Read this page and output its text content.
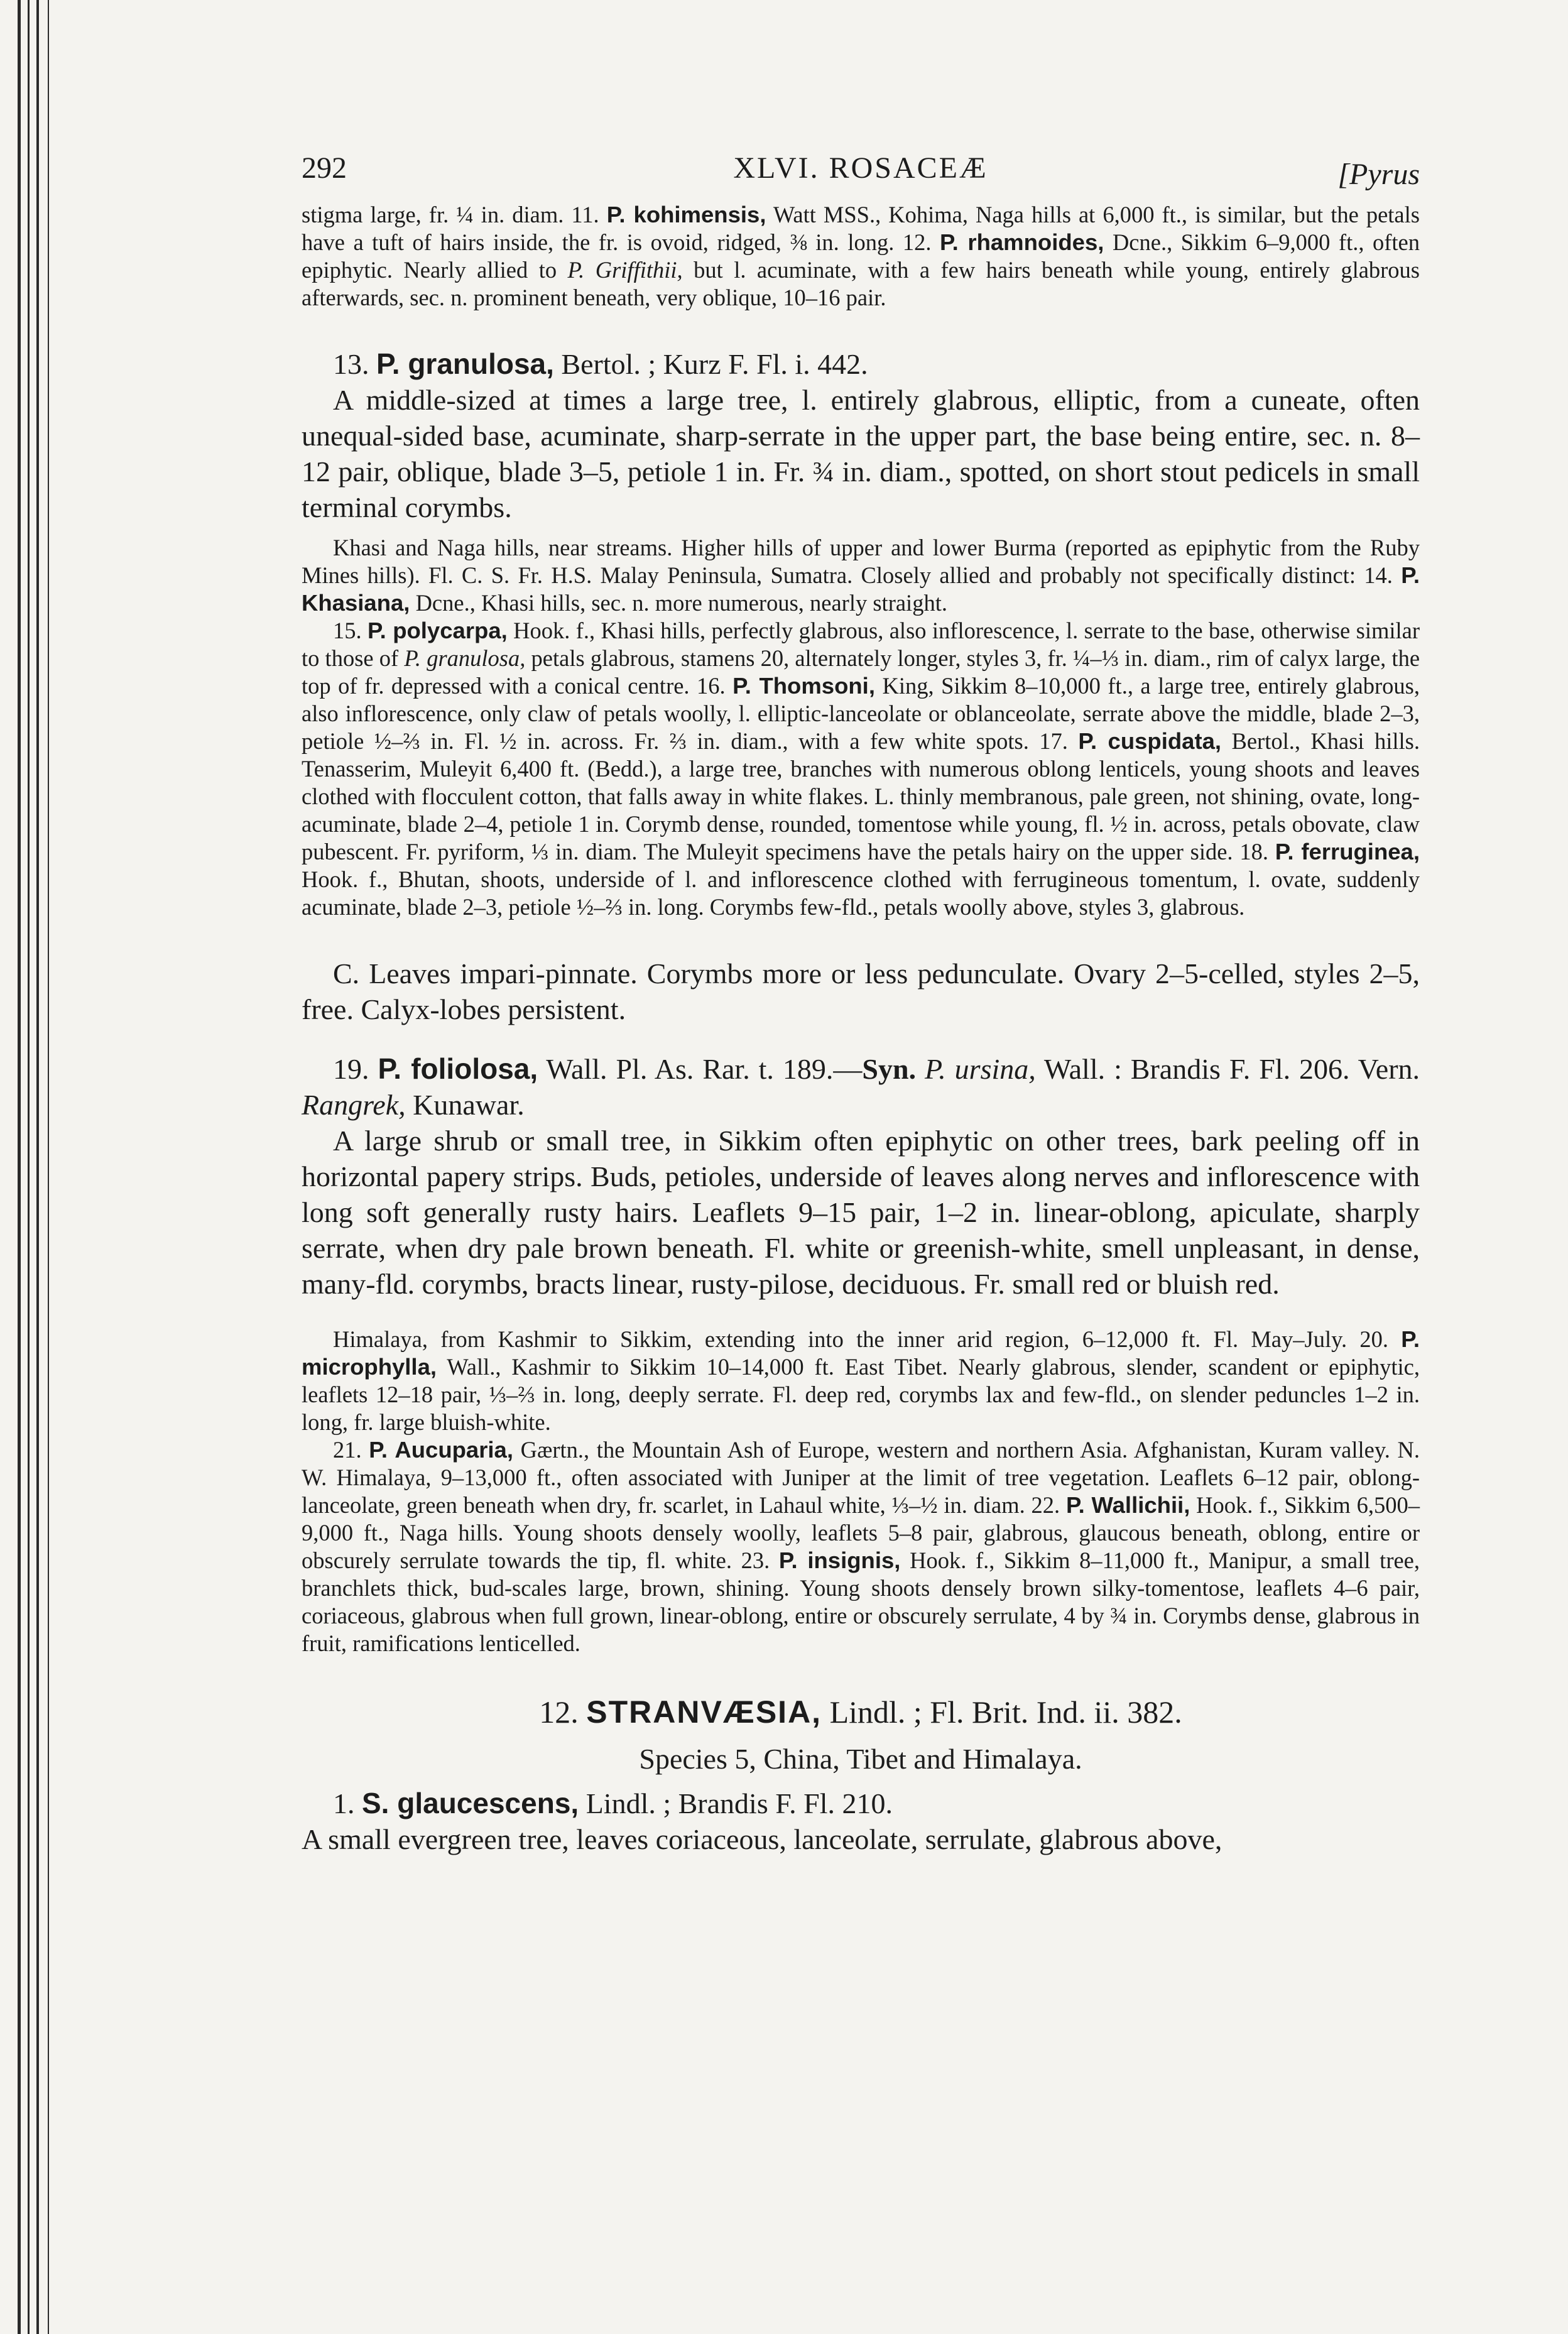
292	XLVI. ROSACEÆ	[Pyrus

stigma large, fr. ¼ in. diam. 11. P. kohimensis, Watt MSS., Kohima, Naga hills at 6,000 ft., is similar, but the petals have a tuft of hairs inside, the fr. is ovoid, ridged, ⅜ in. long. 12. P. rhamnoides, Dcne., Sikkim 6–9,000 ft., often epiphytic. Nearly allied to P. Griffithii, but l. acuminate, with a few hairs beneath while young, entirely glabrous afterwards, sec. n. prominent beneath, very oblique, 10–16 pair.

13. P. granulosa, Bertol. ; Kurz F. Fl. i. 442.

A middle-sized at times a large tree, l. entirely glabrous, elliptic, from a cuneate, often unequal-sided base, acuminate, sharp-serrate in the upper part, the base being entire, sec. n. 8–12 pair, oblique, blade 3–5, petiole 1 in. Fr. ¾ in. diam., spotted, on short stout pedicels in small terminal corymbs.

Khasi and Naga hills, near streams. Higher hills of upper and lower Burma (reported as epiphytic from the Ruby Mines hills). Fl. C. S. Fr. H.S. Malay Peninsula, Sumatra. Closely allied and probably not specifically distinct: 14. P. Khasiana, Dcne., Khasi hills, sec. n. more numerous, nearly straight.

15. P. polycarpa, Hook. f., Khasi hills, perfectly glabrous, also inflorescence, l. serrate to the base, otherwise similar to those of P. granulosa, petals glabrous, stamens 20, alternately longer, styles 3, fr. ¼–⅓ in. diam., rim of calyx large, the top of fr. depressed with a conical centre. 16. P. Thomsoni, King, Sikkim 8–10,000 ft., a large tree, entirely glabrous, also inflorescence, only claw of petals woolly, l. elliptic-lanceolate or oblanceolate, serrate above the middle, blade 2–3, petiole ½–⅔ in. Fl. ½ in. across. Fr. ⅔ in. diam., with a few white spots. 17. P. cuspidata, Bertol., Khasi hills. Tenasserim, Muleyit 6,400 ft. (Bedd.), a large tree, branches with numerous oblong lenticels, young shoots and leaves clothed with flocculent cotton, that falls away in white flakes. L. thinly membranous, pale green, not shining, ovate, long-acuminate, blade 2–4, petiole 1 in. Corymb dense, rounded, tomentose while young, fl. ½ in. across, petals obovate, claw pubescent. Fr. pyriform, ⅓ in. diam. The Muleyit specimens have the petals hairy on the upper side. 18. P. ferruginea, Hook. f., Bhutan, shoots, underside of l. and inflorescence clothed with ferrugineous tomentum, l. ovate, suddenly acuminate, blade 2–3, petiole ½–⅔ in. long. Corymbs few-fld., petals woolly above, styles 3, glabrous.

C. Leaves impari-pinnate. Corymbs more or less pedunculate. Ovary 2–5-celled, styles 2–5, free. Calyx-lobes persistent.

19. P. foliolosa, Wall. Pl. As. Rar. t. 189.—Syn. P. ursina, Wall. : Brandis F. Fl. 206. Vern. Rangrek, Kunawar.

A large shrub or small tree, in Sikkim often epiphytic on other trees, bark peeling off in horizontal papery strips. Buds, petioles, underside of leaves along nerves and inflorescence with long soft generally rusty hairs. Leaflets 9–15 pair, 1–2 in. linear-oblong, apiculate, sharply serrate, when dry pale brown beneath. Fl. white or greenish-white, smell unpleasant, in dense, many-fld. corymbs, bracts linear, rusty-pilose, deciduous. Fr. small red or bluish red.

Himalaya, from Kashmir to Sikkim, extending into the inner arid region, 6–12,000 ft. Fl. May–July. 20. P. microphylla, Wall., Kashmir to Sikkim 10–14,000 ft. East Tibet. Nearly glabrous, slender, scandent or epiphytic, leaflets 12–18 pair, ⅓–⅔ in. long, deeply serrate. Fl. deep red, corymbs lax and few-fld., on slender peduncles 1–2 in. long, fr. large bluish-white.

21. P. Aucuparia, Gærtn., the Mountain Ash of Europe, western and northern Asia. Afghanistan, Kuram valley. N. W. Himalaya, 9–13,000 ft., often associated with Juniper at the limit of tree vegetation. Leaflets 6–12 pair, oblong-lanceolate, green beneath when dry, fr. scarlet, in Lahaul white, ⅓–½ in. diam. 22. P. Wallichii, Hook. f., Sikkim 6,500–9,000 ft., Naga hills. Young shoots densely woolly, leaflets 5–8 pair, glabrous, glaucous beneath, oblong, entire or obscurely serrulate towards the tip, fl. white. 23. P. insignis, Hook. f., Sikkim 8–11,000 ft., Manipur, a small tree, branchlets thick, bud-scales large, brown, shining. Young shoots densely brown silky-tomentose, leaflets 4–6 pair, coriaceous, glabrous when full grown, linear-oblong, entire or obscurely serrulate, 4 by ¾ in. Corymbs dense, glabrous in fruit, ramifications lenticelled.

12. STRANVÆSIA, Lindl. ; Fl. Brit. Ind. ii. 382.

Species 5, China, Tibet and Himalaya.

1. S. glaucescens, Lindl. ; Brandis F. Fl. 210.

A small evergreen tree, leaves coriaceous, lanceolate, serrulate, glabrous above,
